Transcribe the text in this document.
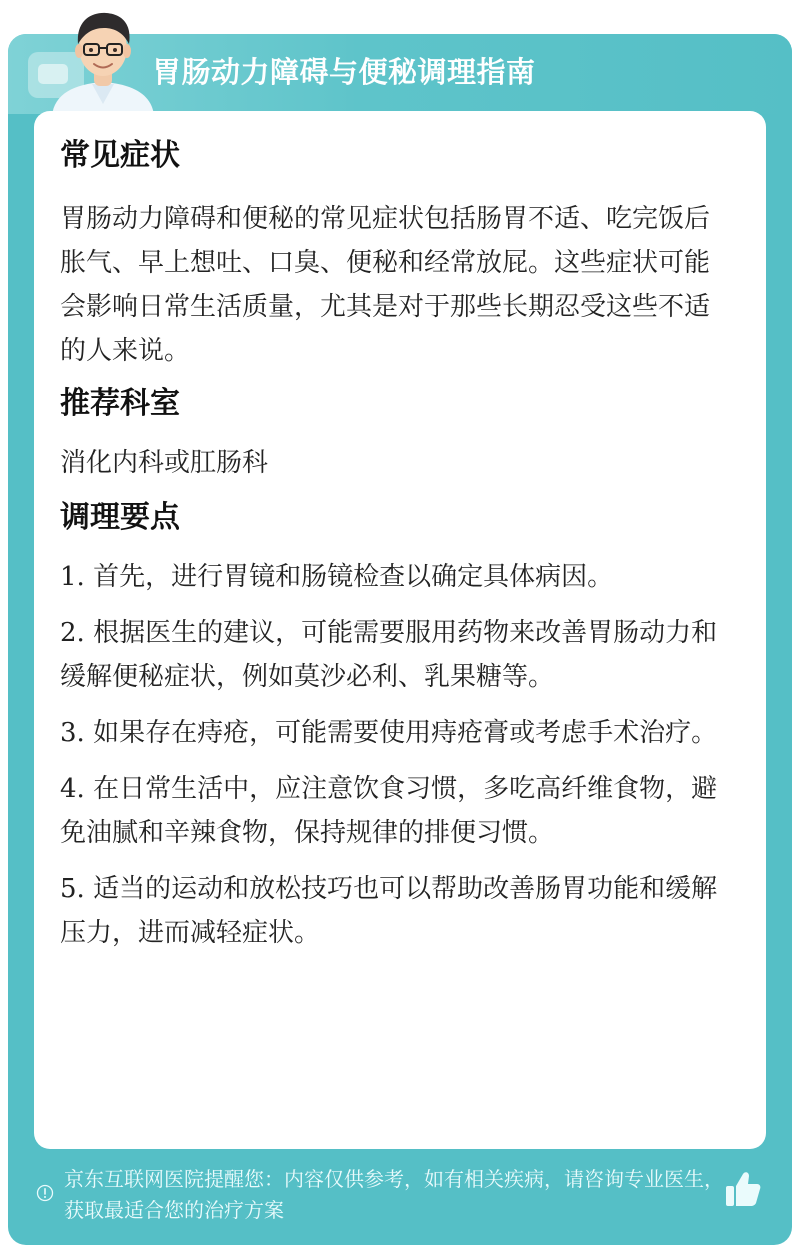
胃肠动力障碍与便秘调理指南
常见症状

胃肠动力障碍和便秘的常见症状包括肠胃不适、吃完饭后胀气、早上想吐、口臭、便秘和经常放屁。这些症状可能会影响日常生活质量，尤其是对于那些长期忍受这些不适的人来说。

推荐科室

消化内科或肛肠科

调理要点
1. 首先，进行胃镜和肠镜检查以确定具体病因。
2. 根据医生的建议，可能需要服用药物来改善胃肠动力和缓解便秘症状，例如莫沙必利、乳果糖等。
3. 如果存在痔疮，可能需要使用痔疮膏或考虑手术治疗。
4. 在日常生活中，应注意饮食习惯，多吃高纤维食物，避免油腻和辛辣食物，保持规律的排便习惯。
5. 适当的运动和放松技巧也可以帮助改善肠胃功能和缓解压力，进而减轻症状。
京东互联网医院提醒您：内容仅供参考，如有相关疾病，请咨询专业医生，获取最适合您的治疗方案
